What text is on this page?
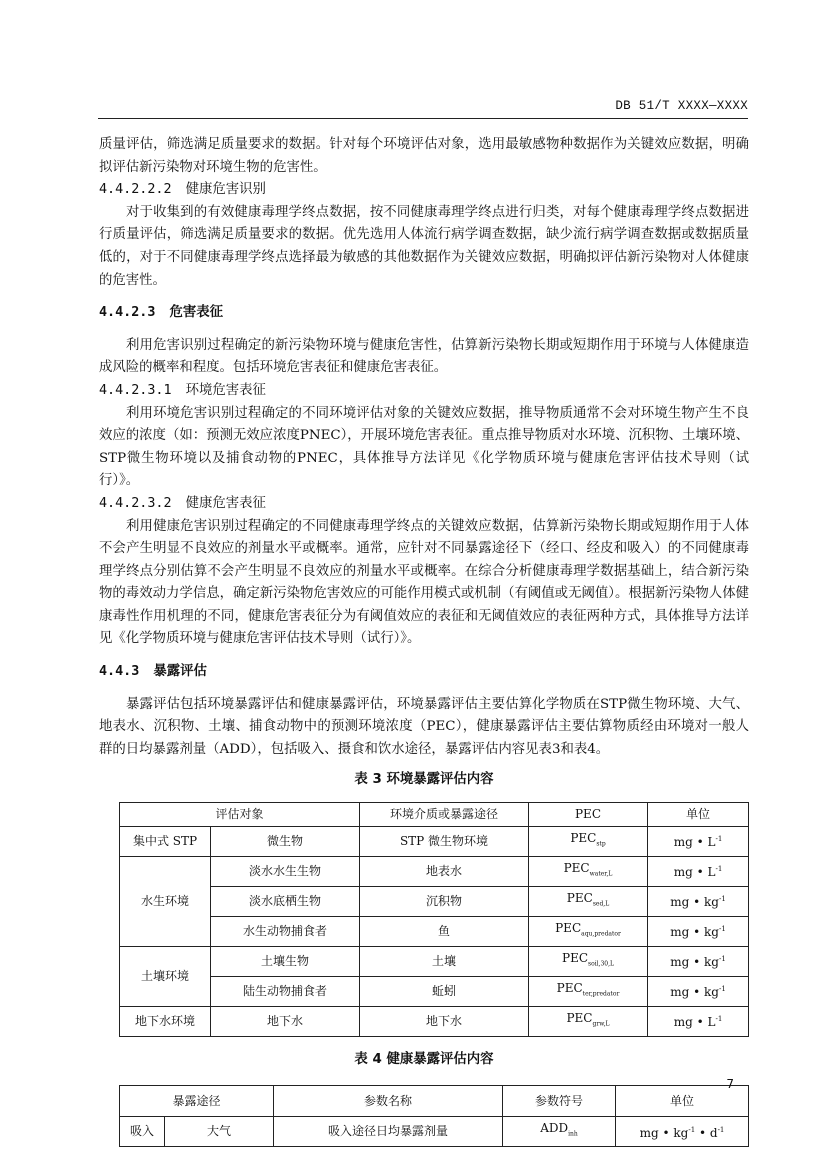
DB 51/T XXXX—XXXX
质量评估，筛选满足质量要求的数据。针对每个环境评估对象，选用最敏感物种数据作为关键效应数据，明确拟评估新污染物对环境生物的危害性。
4.4.2.2.2 健康危害识别
对于收集到的有效健康毒理学终点数据，按不同健康毒理学终点进行归类，对每个健康毒理学终点数据进行质量评估，筛选满足质量要求的数据。优先选用人体流行病学调查数据，缺少流行病学调查数据或数据质量低的，对于不同健康毒理学终点选择最为敏感的其他数据作为关键效应数据，明确拟评估新污染物对人体健康的危害性。
4.4.2.3 危害表征
利用危害识别过程确定的新污染物环境与健康危害性，估算新污染物长期或短期作用于环境与人体健康造成风险的概率和程度。包括环境危害表征和健康危害表征。
4.4.2.3.1 环境危害表征
利用环境危害识别过程确定的不同环境评估对象的关键效应数据，推导物质通常不会对环境生物产生不良效应的浓度（如：预测无效应浓度PNEC），开展环境危害表征。重点推导物质对水环境、沉积物、土壤环境、STP微生物环境以及捕食动物的PNEC，具体推导方法详见《化学物质环境与健康危害评估技术导则（试行）》。
4.4.2.3.2 健康危害表征
利用健康危害识别过程确定的不同健康毒理学终点的关键效应数据，估算新污染物长期或短期作用于人体不会产生明显不良效应的剂量水平或概率。通常，应针对不同暴露途径下（经口、经皮和吸入）的不同健康毒理学终点分别估算不会产生明显不良效应的剂量水平或概率。在综合分析健康毒理学数据基础上，结合新污染物的毒效动力学信息，确定新污染物危害效应的可能作用模式或机制（有阈值或无阈值）。根据新污染物人体健康毒性作用机理的不同，健康危害表征分为有阈值效应的表征和无阈值效应的表征两种方式，具体推导方法详见《化学物质环境与健康危害评估技术导则（试行）》。
4.4.3 暴露评估
暴露评估包括环境暴露评估和健康暴露评估，环境暴露评估主要估算化学物质在STP微生物环境、大气、地表水、沉积物、土壤、捕食动物中的预测环境浓度（PEC），健康暴露评估主要估算物质经由环境对一般人群的日均暴露剂量（ADD），包括吸入、摄食和饮水途径，暴露评估内容见表3和表4。
表 3 环境暴露评估内容
评估对象		环境介质或暴露途径	PEC	单位
集中式 STP	微生物	STP 微生物环境	$PEC_{stp}$	mg • $L^{-1}$
水生环境	淡水水生生物	地表水	$PEC_{water,L}$	mg • $L^{-1}$
	淡水底栖生物	沉积物	$PEC_{sed,L}$	mg • $kg^{-1}$
	水生动物捕食者	鱼	$PEC_{aqu,predator}$	mg • $kg^{-1}$
土壤环境	土壤生物	土壤	$PEC_{soil,30,L}$	mg • $kg^{-1}$
	陆生动物捕食者	蚯蚓	$PEC_{ter,predator}$	mg • $kg^{-1}$
地下水环境	地下水	地下水	$PEC_{grw,L}$	mg • $L^{-1}$
表 4 健康暴露评估内容
暴露途径		参数名称	参数符号	单位
吸入	大气	吸入途径日均暴露剂量	$ADD_{inh}$	mg • $kg^{-1}$ • $d^{-1}$
7
